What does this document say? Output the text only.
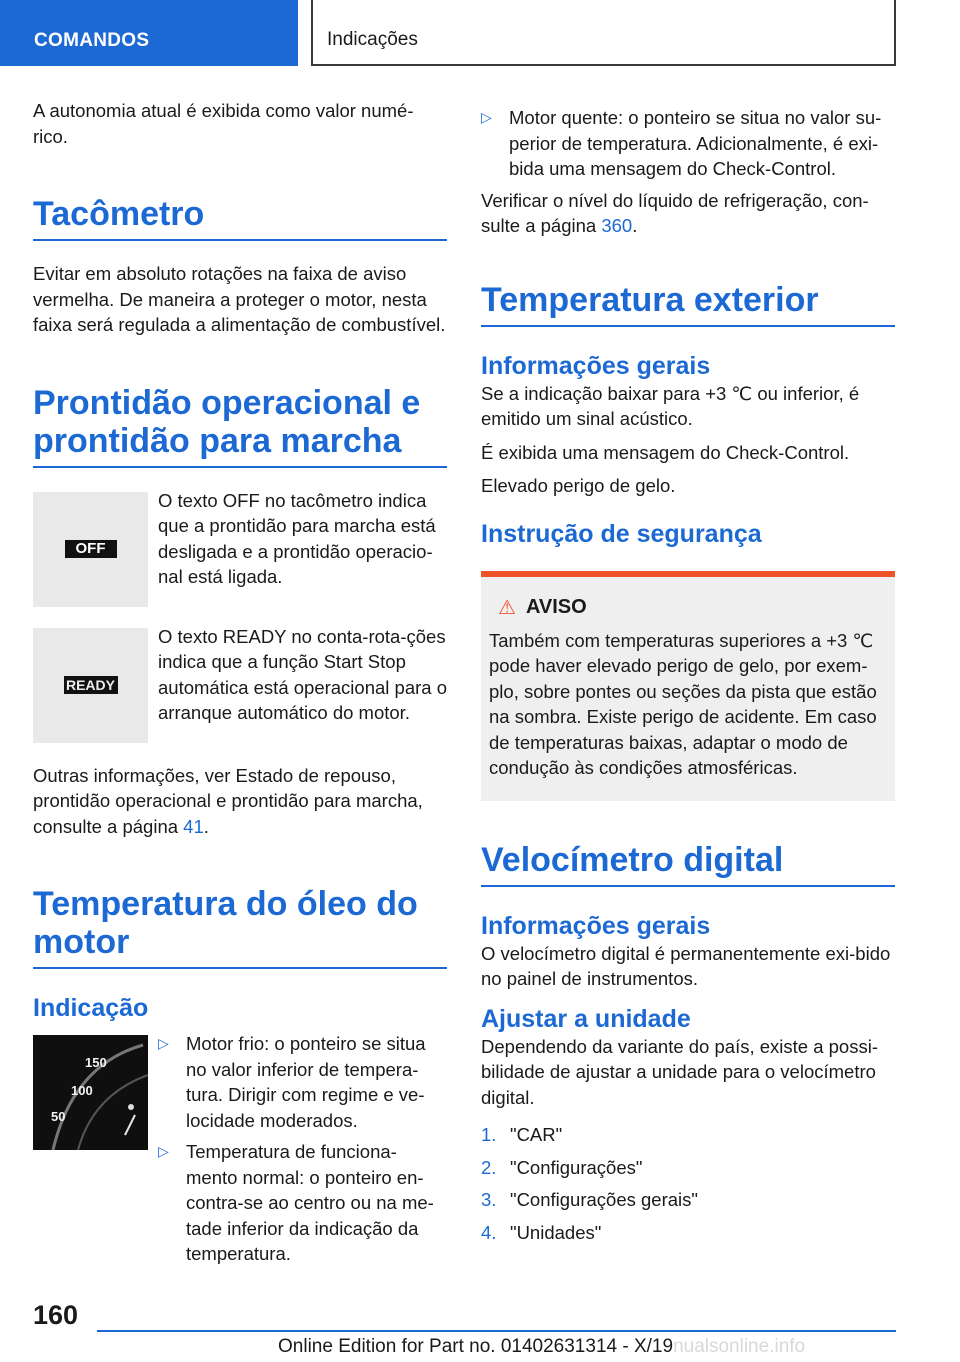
COMANDOS	Indicações

A autonomia atual é exibida como valor numé-rico.

Tacômetro

Evitar em absoluto rotações na faixa de aviso vermelha. De maneira a proteger o motor, nesta faixa será regulada a alimentação de combustível.

Prontidão operacional e prontidão para marcha
OFF

O texto OFF no tacômetro indica que a prontidão para marcha está desligada e a prontidão operacio-nal está ligada.

READY

O texto READY no conta-rota-ções indica que a função Start Stop automática está operacional para o arranque automático do motor.

Outras informações, ver Estado de repouso, prontidão operacional e prontidão para marcha, consulte a página 41.

Temperatura do óleo do motor
Indicação
150
100
50
▷ Motor frio: o ponteiro se situa no valor inferior de tempera-tura. Dirigir com regime e ve-locidade moderados.
▷ Temperatura de funciona-mento normal: o ponteiro en-contra-se ao centro ou na me-tade inferior da indicação da temperatura.
▷ Motor quente: o ponteiro se situa no valor su-perior de temperatura. Adicionalmente, é exi-bida uma mensagem do Check-Control.

Verificar o nível do líquido de refrigeração, con-sulte a página 360.

Temperatura exterior
Informações gerais

Se a indicação baixar para +3 ℃ ou inferior, é emitido um sinal acústico.

É exibida uma mensagem do Check-Control.

Elevado perigo de gelo.

Instrução de segurança
⚠ AVISO

Também com temperaturas superiores a +3 ℃ pode haver elevado perigo de gelo, por exem-plo, sobre pontes ou seções da pista que estão na sombra. Existe perigo de acidente. Em caso de temperaturas baixas, adaptar o modo de condução às condições atmosféricas.

Velocímetro digital
Informações gerais

O velocímetro digital é permanentemente exi-bido no painel de instrumentos.

Ajustar a unidade

Dependendo da variante do país, existe a possi-bilidade de ajustar a unidade para o velocímetro digital.

1. "CAR"
2. "Configurações"
3. "Configurações gerais"
4. "Unidades"
160
Online Edition for Part no. 01402631314 - X/19nualsonline.info
